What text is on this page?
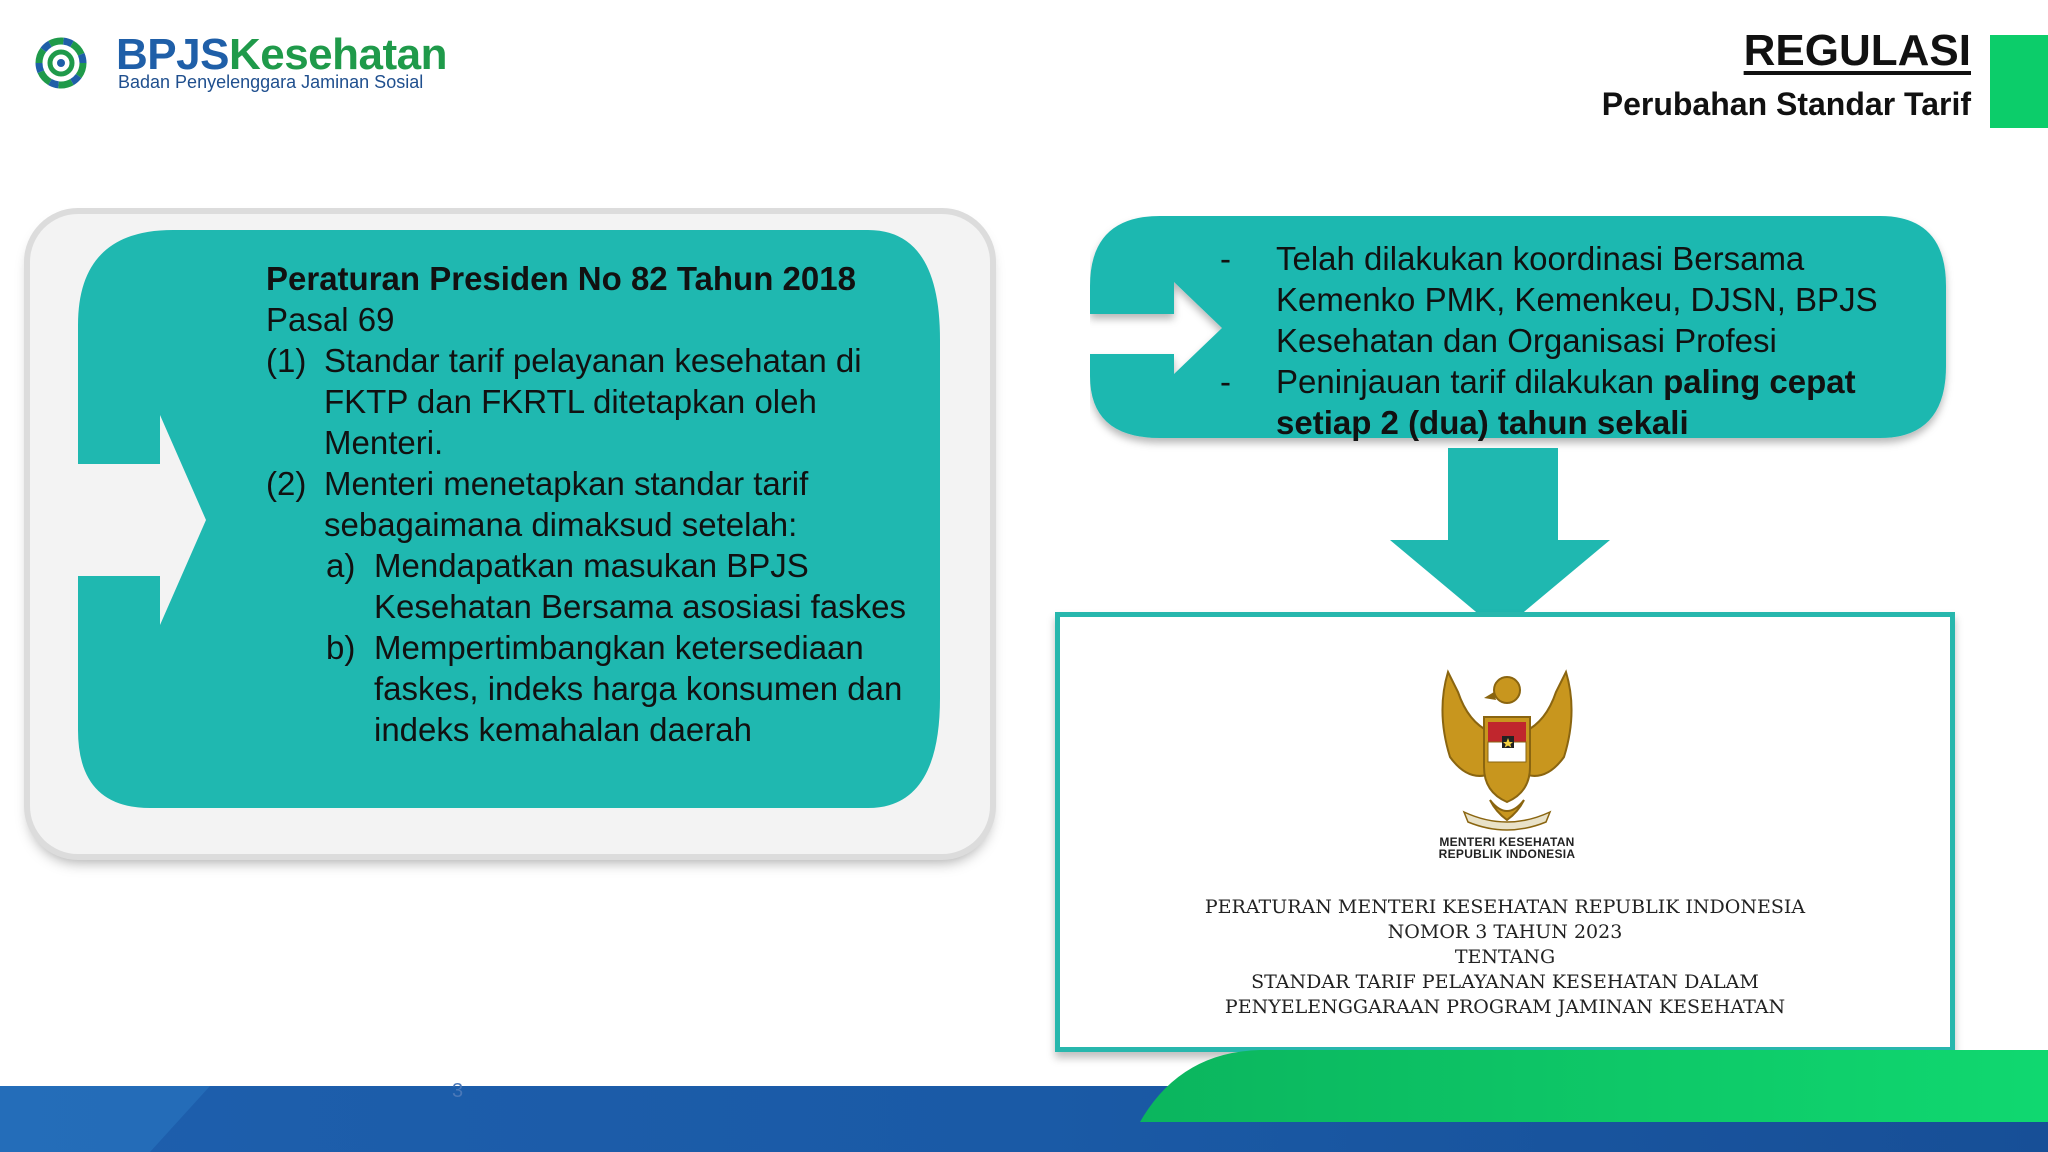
BPJSKesehatan
Badan Penyelenggara Jaminan Sosial
REGULASI
Perubahan Standar Tarif
Peraturan Presiden No 82 Tahun 2018
Pasal 69
(1) Standar tarif pelayanan kesehatan di FKTP dan FKRTL ditetapkan oleh Menteri.
(2) Menteri menetapkan standar tarif sebagaimana dimaksud setelah:
a) Mendapatkan masukan BPJS Kesehatan Bersama asosiasi faskes
b) Mempertimbangkan ketersediaan faskes, indeks harga konsumen dan indeks kemahalan daerah
-	Telah dilakukan koordinasi Bersama Kemenko PMK, Kemenkeu, DJSN, BPJS Kesehatan dan Organisasi Profesi
-	Peninjauan tarif dilakukan paling cepat setiap 2 (dua) tahun sekali
MENTERI KESEHATAN
REPUBLIK INDONESIA
PERATURAN MENTERI KESEHATAN REPUBLIK INDONESIA
NOMOR 3 TAHUN 2023
TENTANG
STANDAR TARIF PELAYANAN KESEHATAN DALAM
PENYELENGGARAAN PROGRAM JAMINAN KESEHATAN
3
